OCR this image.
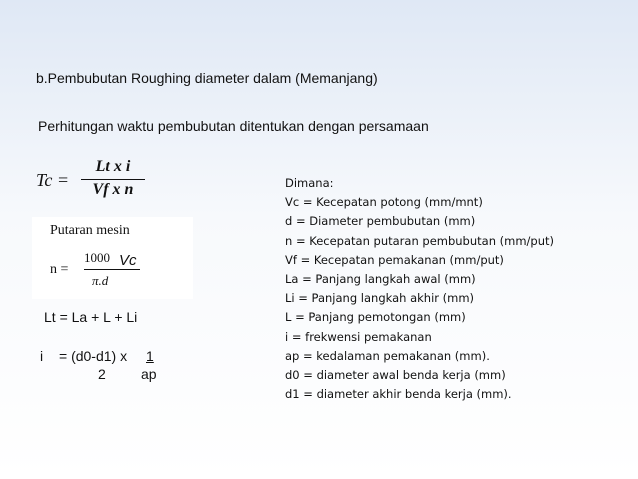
b.Pembubutan Roughing diameter dalam (Memanjang)
Perhitungan waktu pembubutan ditentukan dengan persamaan
Tc =
Lt x i
Vf x n
Putaran mesin
n =
1000 Vc
π.d
Lt = La + L + Li
i = (d0-d1) x 1
2	ap
Dimana:
Vc = Kecepatan potong (mm/mnt)
d = Diameter pembubutan (mm)
n = Kecepatan putaran pembubutan (mm/put)
Vf = Kecepatan pemakanan (mm/put)
La = Panjang langkah awal (mm)
Li = Panjang langkah akhir (mm)
L = Panjang pemotongan (mm)
i = frekwensi pemakanan
ap = kedalaman pemakanan (mm).
d0 = diameter awal benda kerja (mm)
d1 = diameter akhir benda kerja (mm).
